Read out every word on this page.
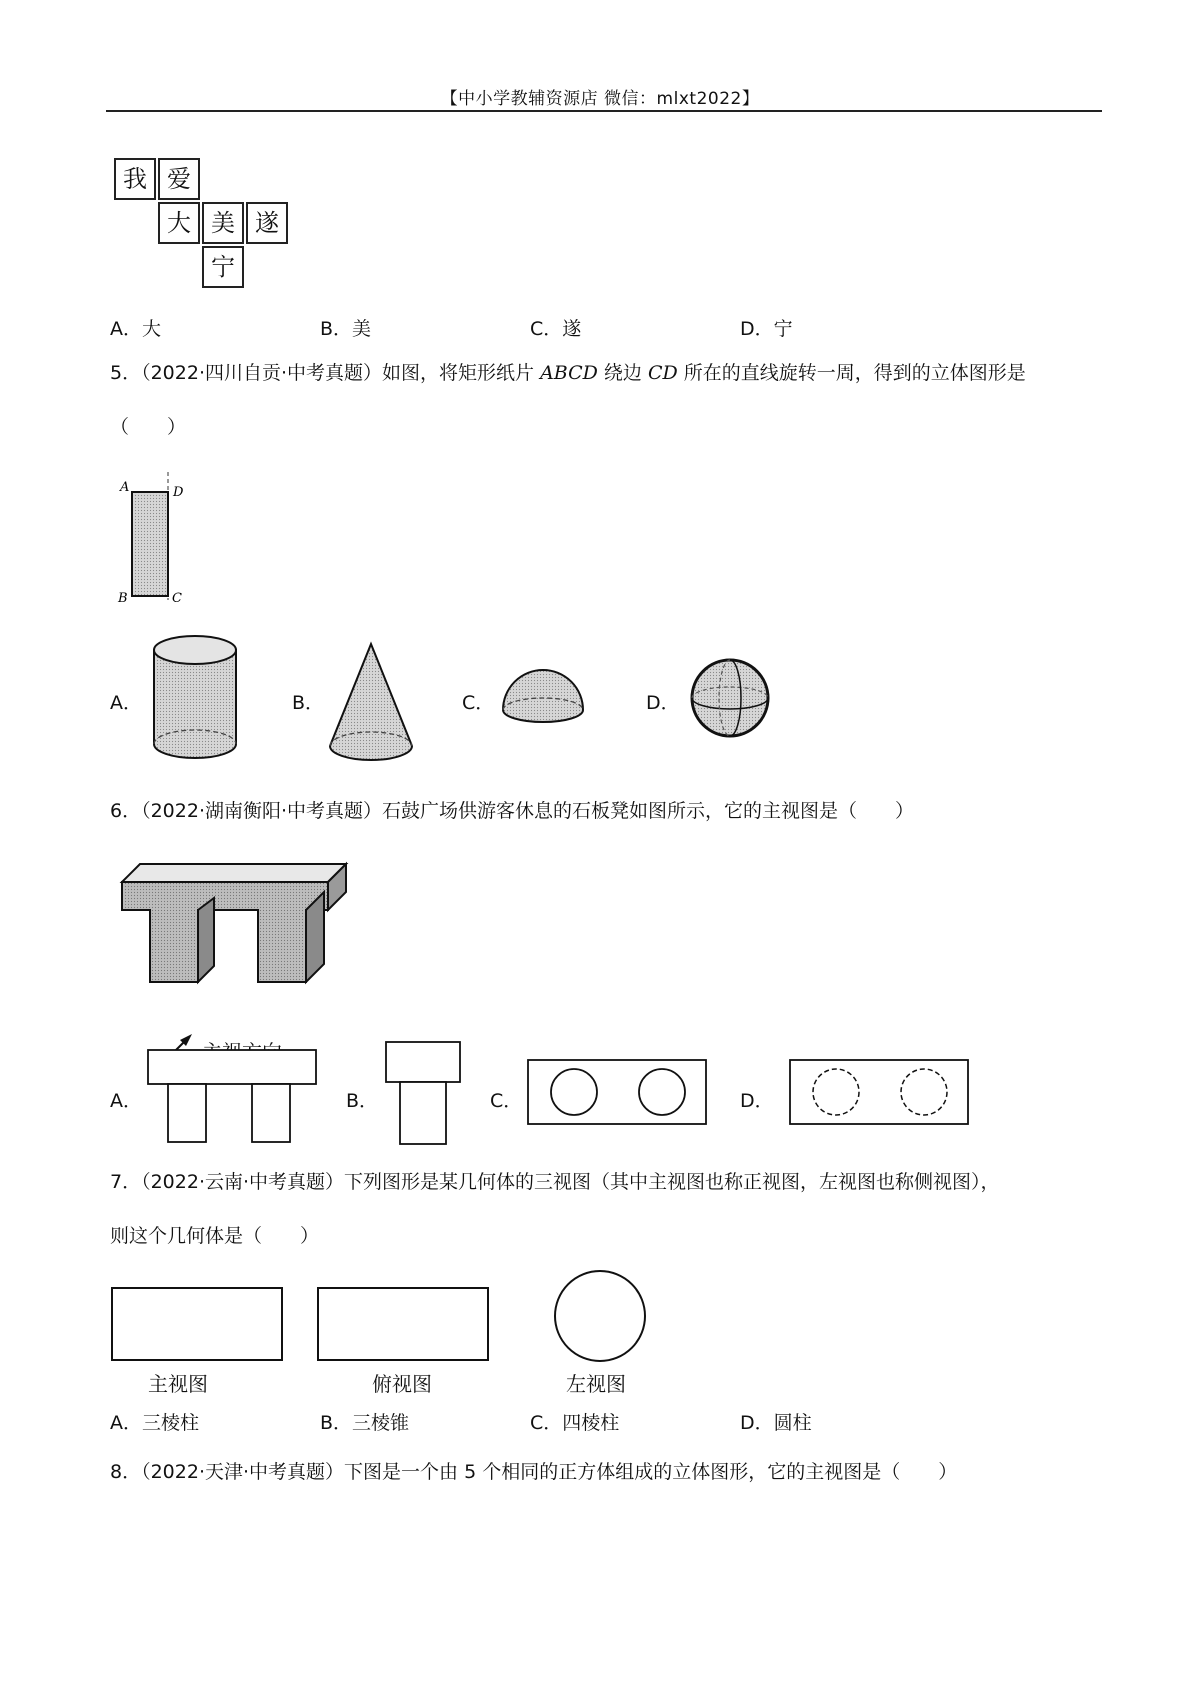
【中小学教辅资源店 微信：mlxt2022】
我 爱
大 美 遂
宁
A．大	B．美	C．遂	D．宁
5．（2022·四川自贡·中考真题）如图，将矩形纸片 ABCD 绕边 CD 所在的直线旋转一周，得到的立体图形是
（　　）
A	D
B	C
A．	B．	C．	D．
6．（2022·湖南衡阳·中考真题）石鼓广场供游客休息的石板凳如图所示，它的主视图是（　　）
A．	B．	C．	D．
7．（2022·云南·中考真题）下列图形是某几何体的三视图（其中主视图也称正视图，左视图也称侧视图），
则这个几何体是（　　）
主视图	俯视图	左视图
A．三棱柱	B．三棱锥	C．四棱柱	D．圆柱
8．（2022·天津·中考真题）下图是一个由 5 个相同的正方体组成的立体图形，它的主视图是（　　）
